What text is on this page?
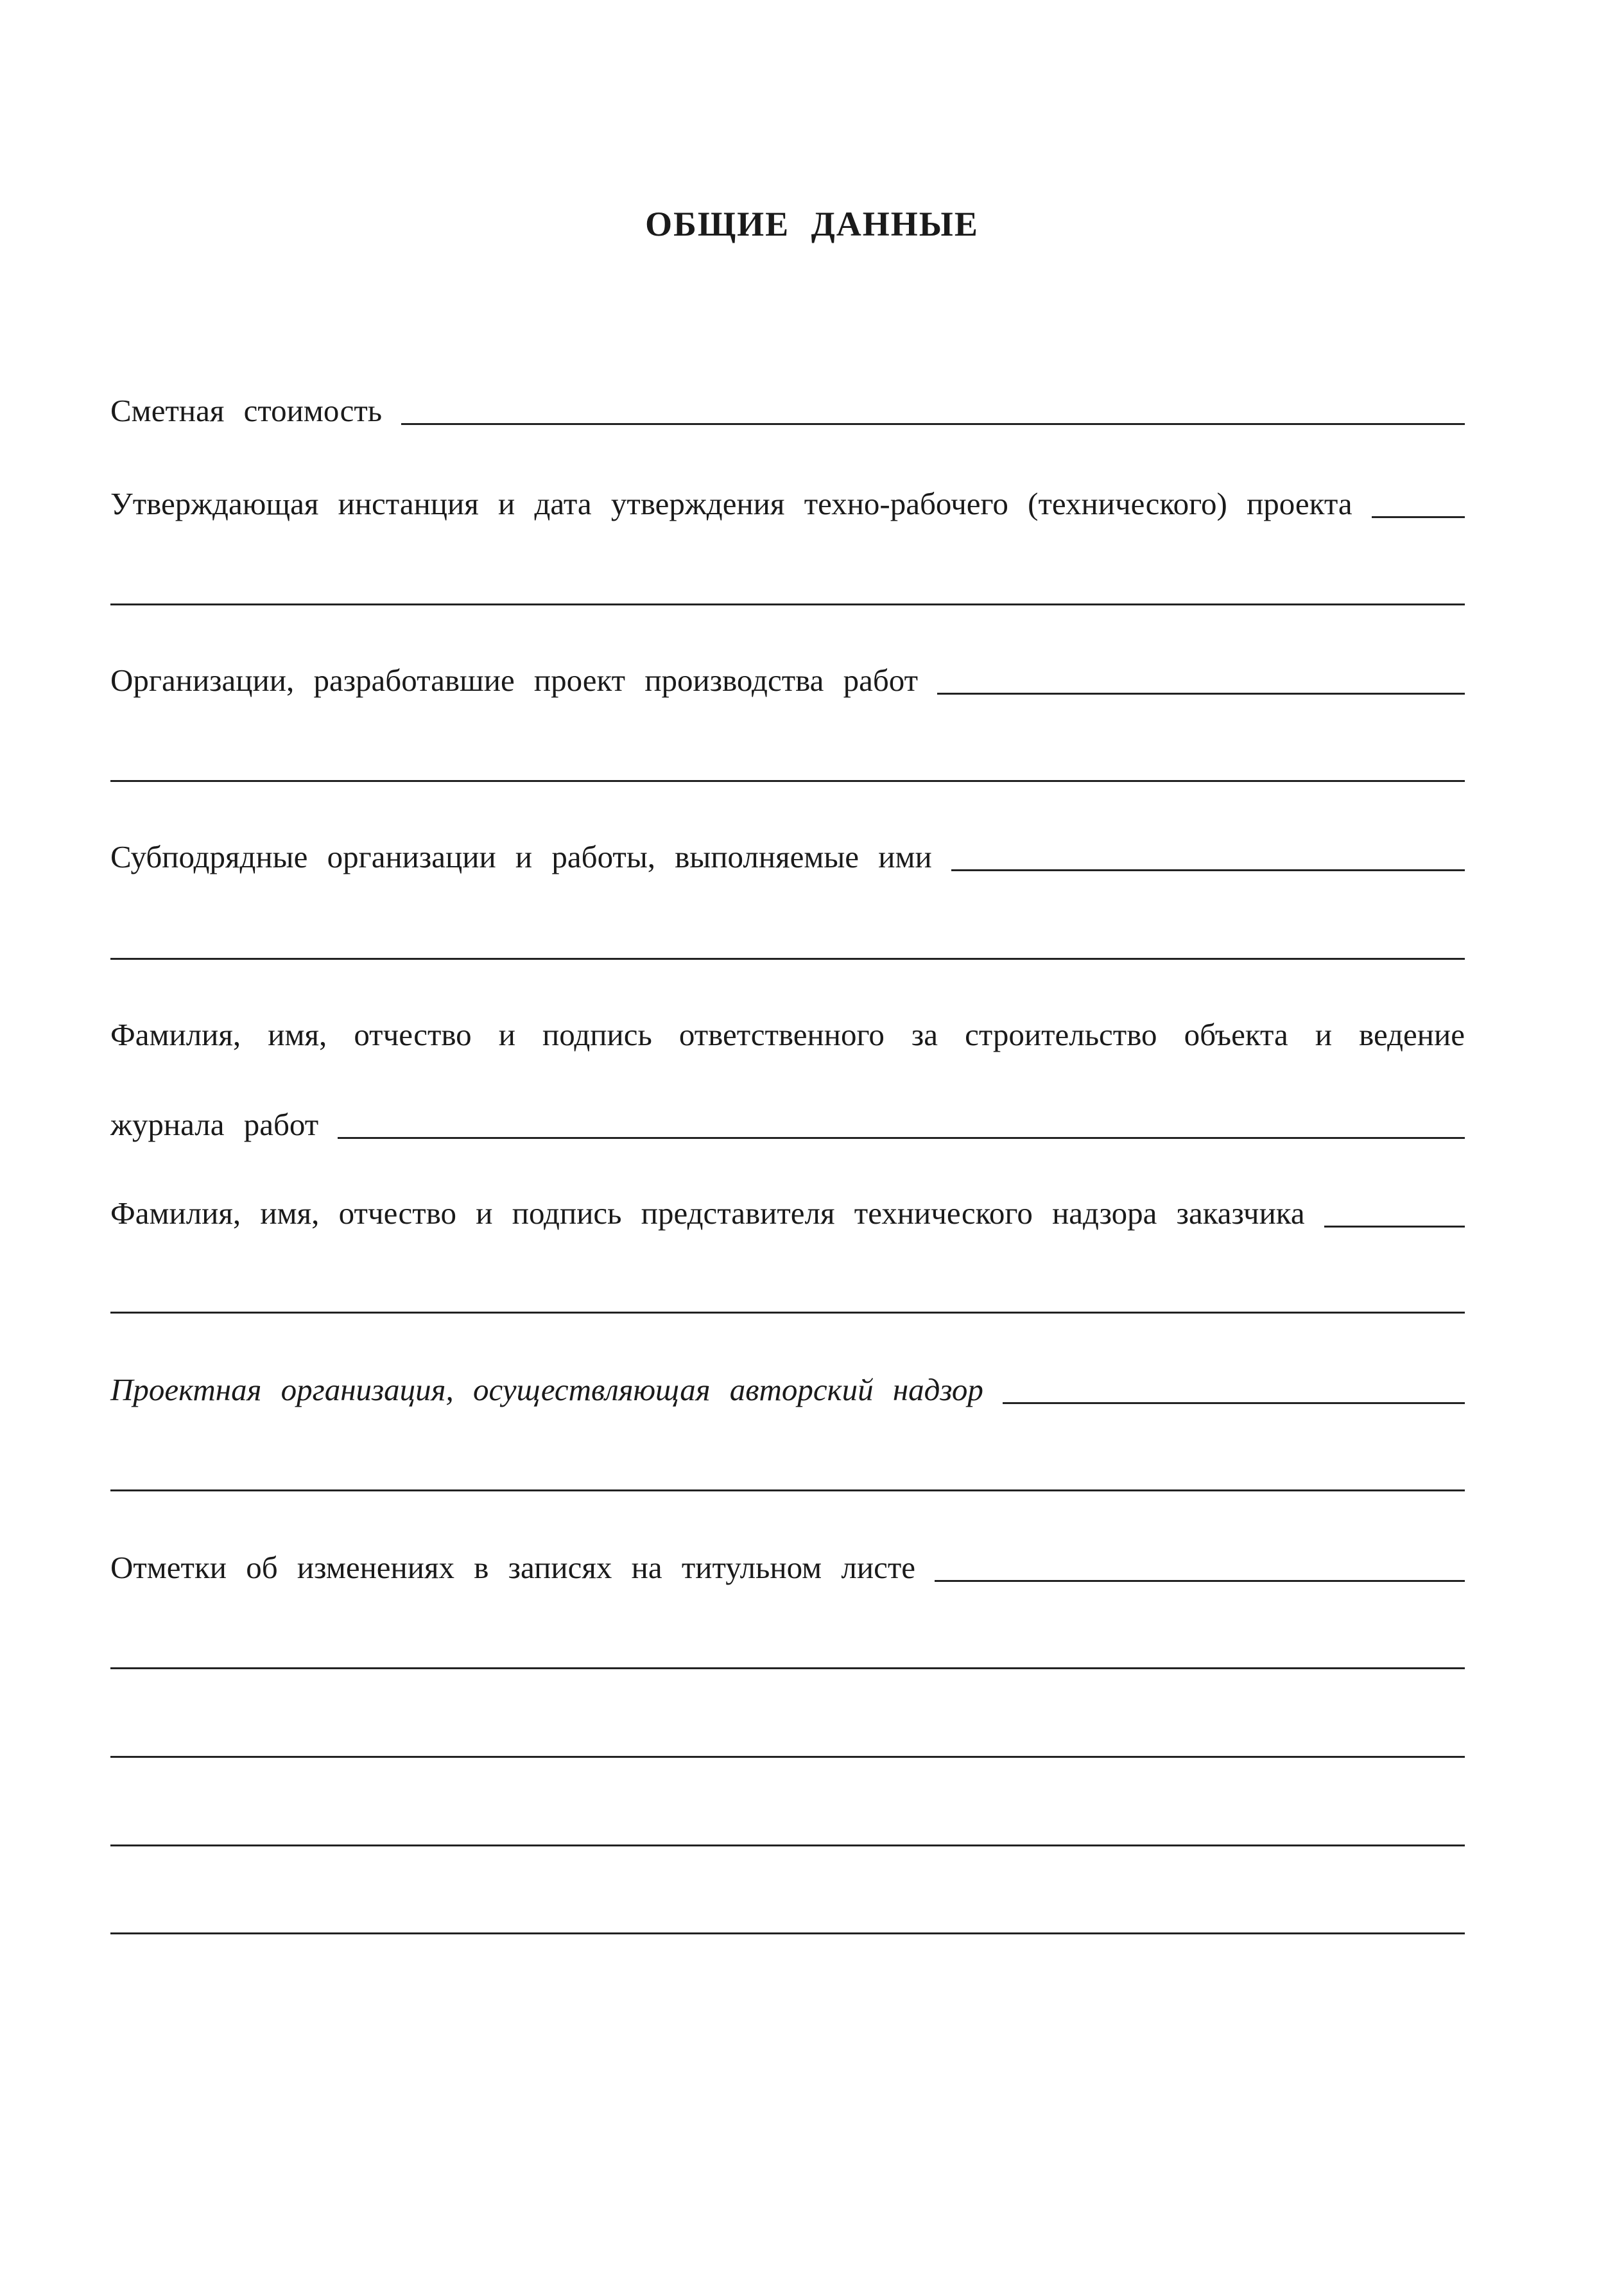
ОБЩИЕ ДАННЫЕ
Сметная стоимость
Утверждающая инстанция и дата утверждения техно-рабочего (технического) проекта
Организации, разработавшие проект производства работ
Субподрядные организации и работы, выполняемые ими
Фамилия, имя, отчество и подпись ответственного за строительство объекта и ведение
журнала работ
Фамилия, имя, отчество и подпись представителя технического надзора заказчика
Проектная организация, осуществляющая авторский надзор
Отметки об изменениях в записях на титульном листе
